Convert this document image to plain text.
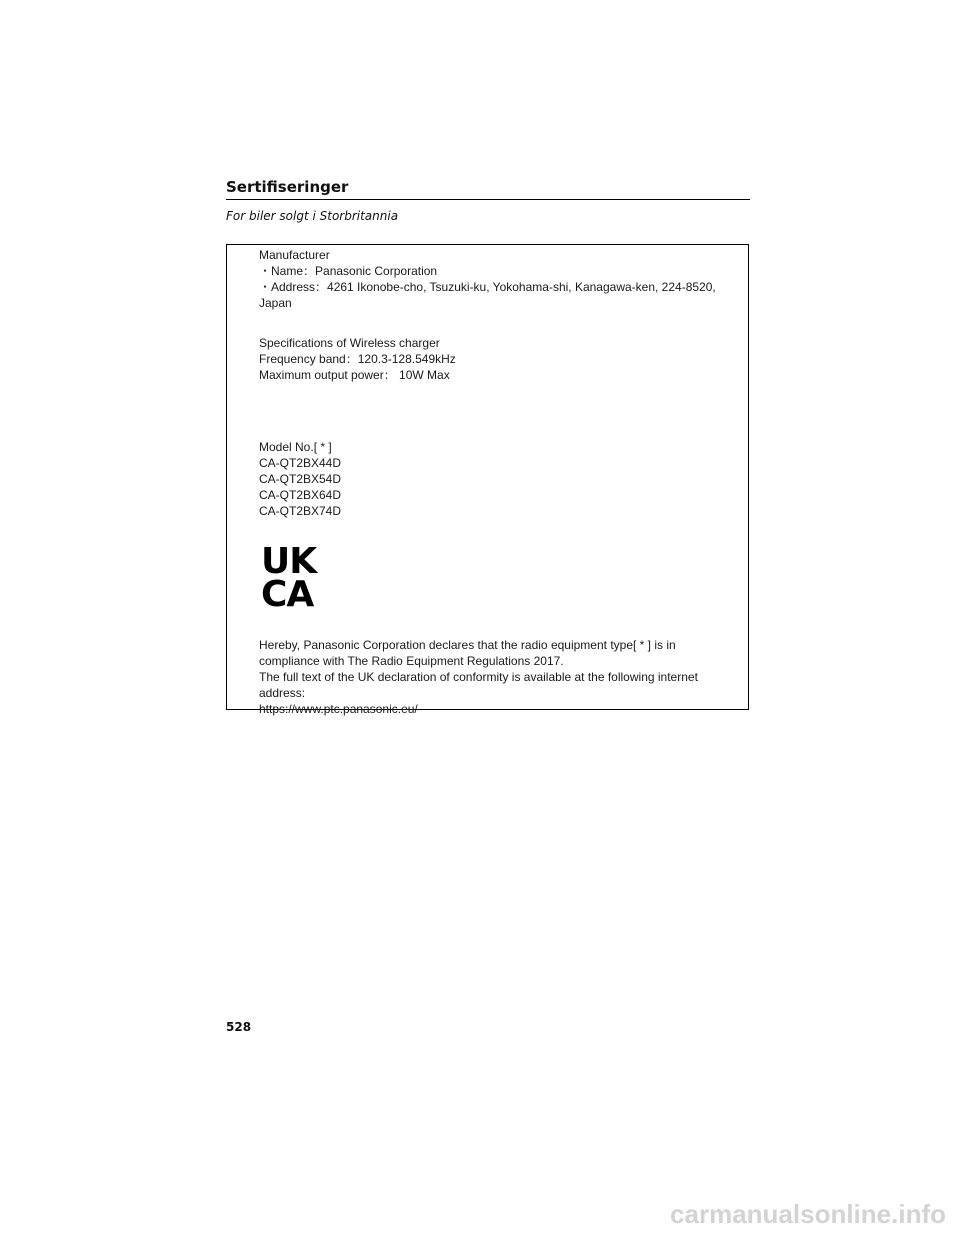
Sertifiseringer
For biler solgt i Storbritannia
Manufacturer
・Name：Panasonic Corporation
・Address：4261 Ikonobe-cho, Tsuzuki-ku, Yokohama-shi, Kanagawa-ken, 224-8520, Japan
Specifications of Wireless charger
Frequency band：120.3-128.549kHz
Maximum output power： 10W Max
Model No.[ * ]
CA-QT2BX44D
CA-QT2BX54D
CA-QT2BX64D
CA-QT2BX74D
UK
CA
Hereby, Panasonic Corporation declares that the radio equipment type[ * ] is in compliance with The Radio Equipment Regulations 2017.
The full text of the UK declaration of conformity is available at the following internet address:
https://www.ptc.panasonic.eu/
528
carmanualsonline.info
